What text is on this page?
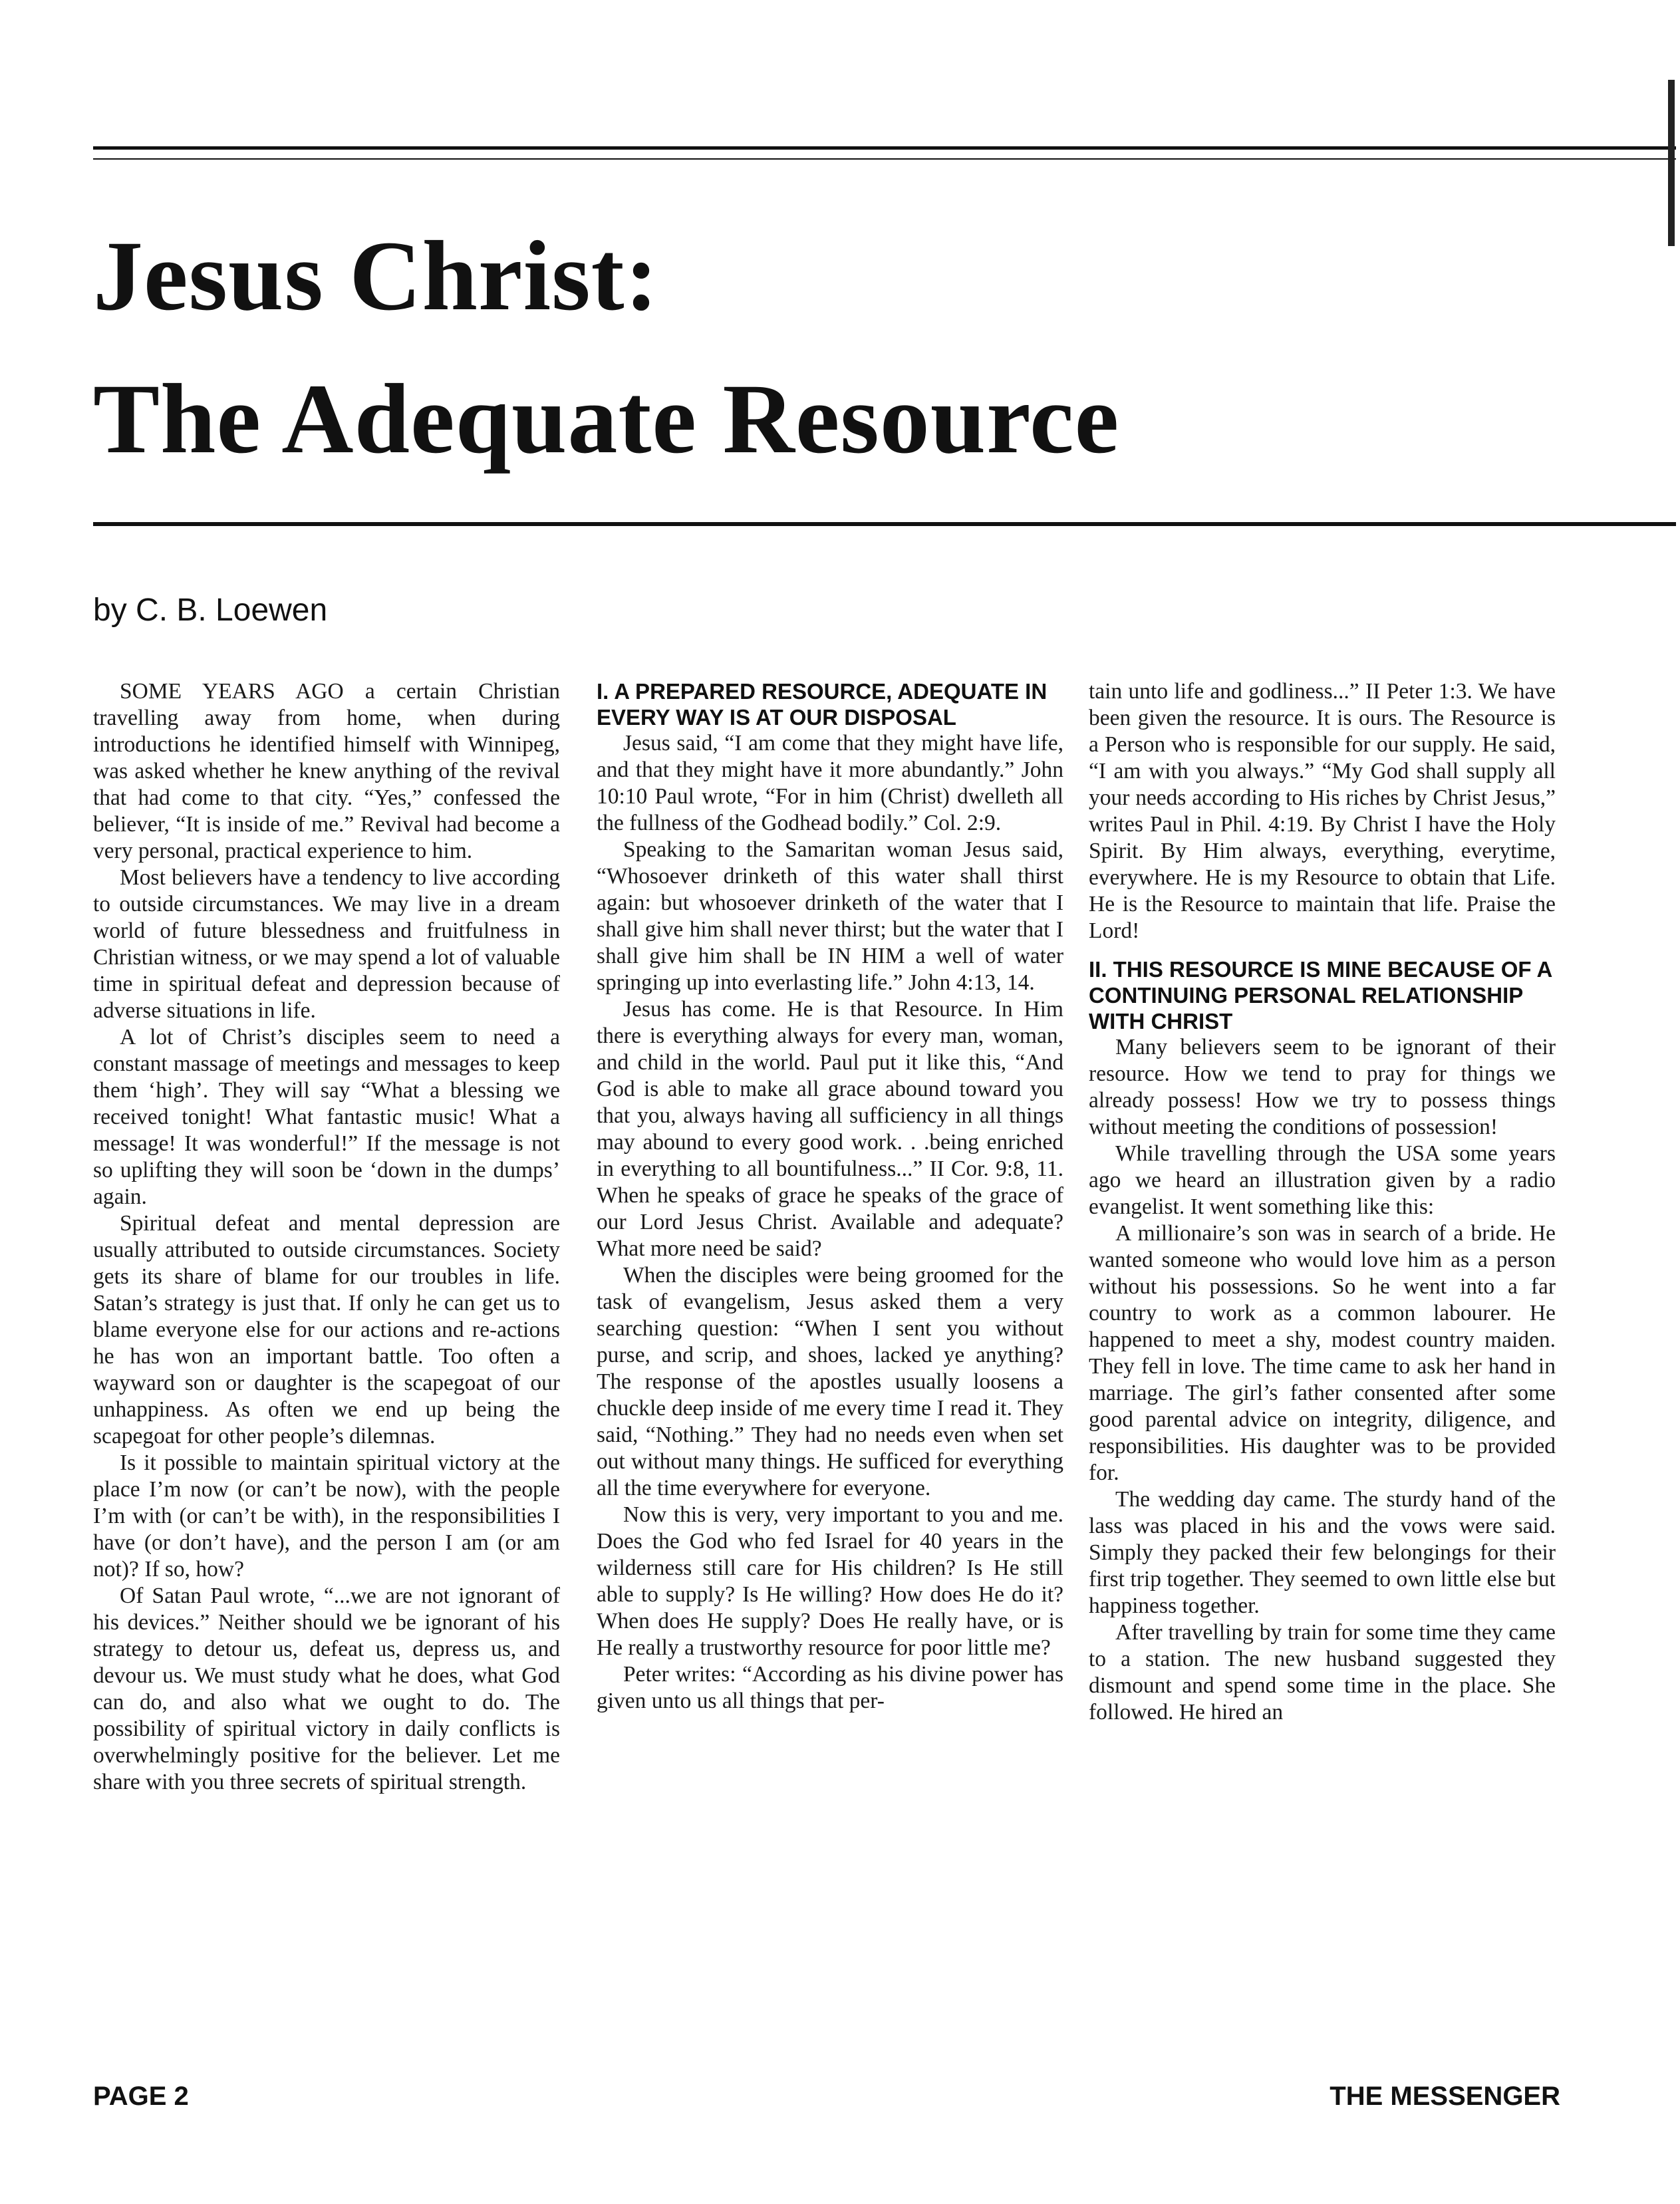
Jesus Christ:
The Adequate Resource
by C. B. Loewen

SOME YEARS AGO a certain Christian travelling away from home, when during introductions he identified himself with Winnipeg, was asked whether he knew anything of the revival that had come to that city. “Yes,” confessed the believer, “It is inside of me.” Revival had become a very personal, practical experience to him.

Most believers have a tendency to live according to outside circumstances. We may live in a dream world of future blessedness and fruitfulness in Christian witness, or we may spend a lot of valuable time in spiritual defeat and depression because of adverse situations in life.

A lot of Christ’s disciples seem to need a constant massage of meetings and messages to keep them ‘high’. They will say “What a blessing we received tonight! What fantastic music! What a message! It was wonderful!” If the message is not so uplifting they will soon be ‘down in the dumps’ again.

Spiritual defeat and mental depression are usually attributed to outside circumstances. Society gets its share of blame for our troubles in life. Satan’s strategy is just that. If only he can get us to blame everyone else for our actions and re-actions he has won an important battle. Too often a wayward son or daughter is the scapegoat of our unhappiness. As often we end up being the scapegoat for other people’s dilemnas.

Is it possible to maintain spiritual victory at the place I’m now (or can’t be now), with the people I’m with (or can’t be with), in the responsibilities I have (or don’t have), and the person I am (or am not)? If so, how?

Of Satan Paul wrote, “...we are not ignorant of his devices.” Neither should we be ignorant of his strategy to detour us, defeat us, depress us, and devour us. We must study what he does, what God can do, and also what we ought to do. The possibility of spiritual victory in daily conflicts is overwhelmingly positive for the believer. Let me share with you three secrets of spiritual strength.

I. A PREPARED RESOURCE, ADEQUATE IN EVERY WAY IS AT OUR DISPOSAL

Jesus said, “I am come that they might have life, and that they might have it more abundantly.” John 10:10 Paul wrote, “For in him (Christ) dwelleth all the fullness of the Godhead bodily.” Col. 2:9.

Speaking to the Samaritan woman Jesus said, “Whosoever drinketh of this water shall thirst again: but whosoever drinketh of the water that I shall give him shall never thirst; but the water that I shall give him shall be IN HIM a well of water springing up into everlasting life.” John 4:13, 14.

Jesus has come. He is that Resource. In Him there is everything always for every man, woman, and child in the world. Paul put it like this, “And God is able to make all grace abound toward you that you, always having all sufficiency in all things may abound to every good work. . .being enriched in everything to all bountifulness...” II Cor. 9:8, 11. When he speaks of grace he speaks of the grace of our Lord Jesus Christ. Available and adequate? What more need be said?

When the disciples were being groomed for the task of evangelism, Jesus asked them a very searching question: “When I sent you without purse, and scrip, and shoes, lacked ye anything? The response of the apostles usually loosens a chuckle deep inside of me every time I read it. They said, “Nothing.” They had no needs even when set out without many things. He sufficed for everything all the time everywhere for everyone.

Now this is very, very important to you and me. Does the God who fed Israel for 40 years in the wilderness still care for His children? Is He still able to supply? Is He willing? How does He do it? When does He supply? Does He really have, or is He really a trustworthy resource for poor little me?

Peter writes: “According as his divine power has given unto us all things that per-

tain unto life and godliness...” II Peter 1:3. We have been given the resource. It is ours. The Resource is a Person who is responsible for our supply. He said, “I am with you always.” “My God shall supply all your needs according to His riches by Christ Jesus,” writes Paul in Phil. 4:19. By Christ I have the Holy Spirit. By Him always, everything, everytime, everywhere. He is my Resource to obtain that Life. He is the Resource to maintain that life. Praise the Lord!

II. THIS RESOURCE IS MINE BECAUSE OF A CONTINUING PERSONAL RELATIONSHIP WITH CHRIST

Many believers seem to be ignorant of their resource. How we tend to pray for things we already possess! How we try to possess things without meeting the conditions of possession!

While travelling through the USA some years ago we heard an illustration given by a radio evangelist. It went something like this:

A millionaire’s son was in search of a bride. He wanted someone who would love him as a person without his possessions. So he went into a far country to work as a common labourer. He happened to meet a shy, modest country maiden. They fell in love. The time came to ask her hand in marriage. The girl’s father consented after some good parental advice on integrity, diligence, and responsibilities. His daughter was to be provided for.

The wedding day came. The sturdy hand of the lass was placed in his and the vows were said. Simply they packed their few belongings for their first trip together. They seemed to own little else but happiness together.

After travelling by train for some time they came to a station. The new husband suggested they dismount and spend some time in the place. She followed. He hired an

PAGE 2	THE MESSENGER
